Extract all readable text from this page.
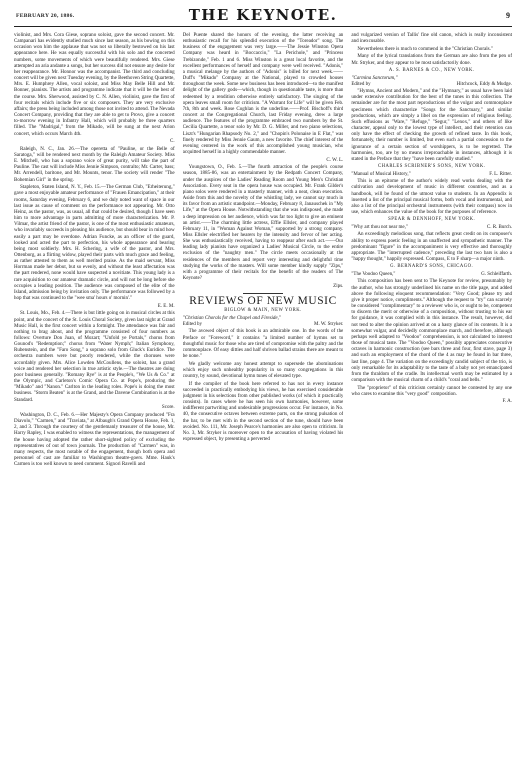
FEBRUARY 20, 1886.	THE KEYNOTE.	9

violinist, and Mrs. Cora Giese, soprano soloist, gave the second concert. Mr. Campanari has evidently studied much since last season, as his bowing on this occasion won him the applause that was not so liberally bestowed on his last appearance here. He was equally successful with his solo and the concerted numbers, some movements of which were beautifully rendered. Mrs. Giese attempted an aria andante a songs, but her success did not ensure any desire for her reappearance. Mr. Honnor was the accompanist. The third and concluding concert will be given next Tuesday evening, by the Beethoven String Quartette, Mrs. E. Humphrey Allen, vocal soloist, and Miss May Belle Hill and Mr. Bonner, pianists. The artists and programme indicate that it will be the best of the course. Mrs. Sherwood, assisted by C. N. Allen, violinist, gave the first of four recitals which include five or six composers. They are very exclusive affairs; the press being included among those not invited to attend. The Nevada Concert Company, providing that they are able to get to Provo, give a concert to-morrow evening in Infantry Hall, which will probably be three quarters filled. The "Madrigal," from the Mikado, will be sung at the next Arion concert, which occurs March 4th.

C.

Raleigh, N. C., Jan. 26.—The operetta of "Pauline, or the Belle of Saratoga," will be rendered next month by the Raleigh Amateur Society. Miss E. Mitchell, who has a soprano voice of great purity, will take the part of Pauline. The cast will include Miss Jennie Simpson, contralto; Mr. Carter, bass; Mr. Arrendell, baritone, and Mr. Mounts, tenor. The society will render "The Bohemian Girl" in the spring.

Stapleton, Staten Island, N. Y., Feb. 15.—The German Club, "Erheiterung," gave a most enjoyable amateur performance of "Frauen Emancipation," at their rooms, Saturday evening, February 6, and we duly noted want of space in our last issue as cause of comment on the performance not appearing. Mr. Otto Heinz, as the pastor, was, as usual, all that could be desired, though I have seen him to more advantage in parts admitting of more characterization. Mr. P. Vilmar, the artist friend of the pastor, is one of the most enthusiastic amateurs, who invariably succeeds in pleasing his audience, but should bear in mind how easily a part may be overdone. Adrian Funcke, as an officer of the guard, looked and acted the part to perfection, his whole appearance and bearing being most soldierly. Mrs. H. Schering, a wife of the pastor, and Mrs. Ottenborg, as a flirting widow, played their parts with much grace and feeling, as rather attested to them as well merited praise. As the maid servant, Miss Horrman made her debut, but so evenly, and without the least affectation was the part rendered, none would have suspected a novitiate. This young lady is a rare acquisition to our amateur dramatic circle, and will not be long before she occupies a leading position. The audience was composed of the elite of the Island, admission being by invitation only. The performance was followed by a hop that was continued to the "wee sma' hours o' mornin'."

E. E. M.

St. Louis, Mo., Feb. 4.—There is but little going on in musical circles at this point, and the concert of the St. Louis Choral Society, given last night at Grand Music Hall, is the first concert within a fortnight. The attendance was fair and nothing to brag about, and the programme consisted of four numbers as follows: Overture Don Juan, of Mozart; "Unfold ye Portals," chorus from Gounod's "Redemption;" chorus from "Water Nymph;" Italian Symphony, Rubenstein, and the "Faro Song," a soprano solo from Gluck's Euridice. The orchestra numbers were but poorly rendered, while the choruses were accordably given. Mrs. Alice Lowden McCoullens, the soloist, has a grand voice and rendered her selection in true artistic style.—The theatres are doing poor business generally. "Romany Rye" is at the People's, "We Us & Co." at the Olympic, and Carleton's Comic Opera Co. at Pope's, producing the "Mikado" and "Nanon." Carlton in the leading roles. Pope's is doing the most business. "Storm Beaten" is at the Grand, and the Davene Combination is at the Standard.

Score.

Washington, D. C., Feb. 6.—Her Majesty's Opera Company produced "Fra Diavolo," "Carmen," and "Traviata," at Albaugh's Grand Opera House, Feb. 1, 2, and 3. Through the courtesy of the gentlemanly treasurer of the house, Mr. Harry Rapley, I was enabled to witness the representations, the management of the house having adopted the rather short-sighted policy of excluding the representatives of out of town journals. The production of "Carmen" was, in many respects, the most notable of the engagement, though both opera and personnel of cast are familiar to Washington theatre-goers. Mme. Hauk's Carmen is too well known to need comment. Signori Ravelli and

Del Puente shared the honors of the evening, the latter receiving an enthusiastic recall for his splendid execution of the "Toreador" song. The business of the engagement was very large.——The Jessie Winston Opera Company was heard in "Boccaccio," "La Perichole," and "Princess Trebizonde," Feb. 1 and 6. Miss Winston is a great local favorite, and the excellent performances of herself and company were well received. "Adonis," a musical melange by the authors of "Adonis" is billed for next week.——Duff's "Mikado" Company at the National, played to crowded houses throughout the week. Some new business has been introduced—to the manifest delight of the gallery gods—which, though in questionable taste, is more than redeemed by a rendition otherwise entirely satisfactory. The singing of the opera leaves small room for criticism. "A Warrant for Life" will be given Feb. 7th, 8th and week. Rose Coghlan is the underline.——Prof. Bischoff's third concert at the Congregational Church, last Friday evening, drew a large audience. The features of the programme embraced two numbers by the St. Cecilia Quartette, a tenor solo by Mr. D. G. Miller, and two piano selections, Liszt's "Hungarian Rhapsody No. 2," and "Chopin's Polonaise in E Flat," was finely rendered by Miss Jennie Gaum, a new favorite. The chief interest of the evening centered in the work of this accomplished young musician, who acquitted herself in a highly commendable manner.

C. W. L.

Youngstown, O., Feb. 5.—The fourth attraction of the people's course season, 1885-86, was an entertainment by the Redpath Concert Company, under the auspices of the Ladies' Reading Room and Young Men's Christian Association. Every seat in the opera house was occupied. Mr. Frank Gilder's piano solos were rendered in a masterly manner, with a neat, clean execution. Aside from this and the novelty of the whistling lady, we cannot say much in its favor from an artistic standpoint.—Monday, February 8, Janauschek in "My Life," at the Opera House. Notwithstanding that she was indisposed, she made a deep impression on her audience, which was far too light to give an eminent an artist.——The charming little actress, Effie Ellsler, and company played February 11, in "Woman Against Woman," supported by a strong company. Miss Ellsler electrified her hearers by the intensity and fervor of her acting. She was enthusiastically received, having to reappear after each act.——Our leading lady pianists have organized a Ladies' Musical Circle, to the entire exclusion of the "naughty men." The circle meets occasionally at the residences of the members and report very interesting and delightful time studying the works of the masters. Will some member kindly supply "Zips," with a programme of their recitals for the benefit of the readers of The Keynote?

Zips.
REVIEWS OF NEW MUSIC
BIGLOW & MAIN, NEW YORK.
"Christian Chorals for the Chapel and Fireside,"
Edited by	M. W. Stryker.

The avowed object of this book is an admirable one. In the words of the Preface or "Foreword," it contains "a limited number of hymns set to thoughtful music for those who are tired of compromise with the paltry and the commonplace. Of easy ditties and half shriven ballad strains there are meant to be none."

We gladly welcome any honest attempt to supersede the abominations which enjoy such unhealthy popularity in so many congregations in this country, by sound, devotional hymn tunes of elevated type.

If the compiler of the book here referred to has not in every instance succeeded in practically embodying his views, he has exercised considerable judgment in his selections from other published works (of which it practically consists). In cases where he has seen his own harmonies, however, some indifferent partwriting and undesirable progressions occur. For instance, in No. 40, the consecutive octaves between extreme parts, on the strong pulsation of the bar, to be met with in the second section of the tune, should have been avoided. No. 111, Mr. Joseph Pearce's harmonies are also open to criticism. In No. 3, Mr. Stryker is moreover open to the accusation of having violated his expressed object, by presenting a perverted

and vulgarized version of Tallis' fine old canon, which is really inconsistent and inexcusable.

Nevertheless there is much to commend in the "Christian Chorals."

Many of the lyrical translations from the German are also from the pen of Mr. Stryker, and they appear to be most satisfactorily done.

A. S. BARNES & CO., NEW YORK.
"Carmina Sanctorum,"
Edited by	Hitchcock, Eddy & Mudge.

"Hymns, Ancient and Modern," and the "Hymnary," as usual have been laid under extensive contribution for the best of the tunes in this collection. The remainder are for the most part reproductions of the vulgar and commonplace specimens which characterize "Songs for the Sanctuary," and similar productions, which are simply a libel on the expression of religious feeling. Such effusions as "Ware," "Refuge," "Segur," "Lenox," and others of like character, appeal only to the lowest type of intellect, and their retention can only have the effect of checking the growth of refined taste. In this book, fortunately, their number is limited, but even such a partial concession to the ignorance of a certain section of worshippers, is to be regretted. The harmonies, too, are by no means irreproachable in instances, although it is stated in the Preface that they "have been carefully studied."

CHARLES SCRIBNER'S SONS, NEW YORK.
"Manual of Musical History,"	F. L. Ritter.

This is an epitome of the author's widely read works dealing with the cultivation and development of music in different countries, and as a handbook, will be found of the utmost value to students. In an Appendix is inserted a list of the principal musical forms, both vocal and instrumental, and also a list of the principal orchestral instruments (with their compass) now in use, which enhances the value of the book for the purposes of reference.

SPEAR & DENNHOFF, NEW YORK.
"Why art thou not near me,"	C. R. Burch.

An exceedingly melodious song, that reflects great credit on its composer's ability to express poetic feeling in an unaffected and sympathetic manner. The predominant "figure" in the accompaniment is very effective and thoroughly appropriate. The "interrupted cadence," preceding the last two bars is also a "happy thought," happily expressed. Compass, E to F sharp—a major ninth.

G. BERNARD'S SONS, CHICAGO.
"The Voodoo Queen,"	G. Schleiffarth.

This composition has been sent to The Keynote for review, presumably by the author, who has strongly underlined his name on the title page, and added above the following eloquent recommendation: "Very Good; please try and give it proper notice, compliments." Although the request to "try" can scarcely be considered "complimentary" to a reviewer who is, or ought to be, competent to discern the merit or otherwise of a composition, without trusting to his ear for guidance, it was complied with in this instance. The result, however, did not tend to alter the opinion arrived at on a hasty glance of its contents. It is a somewhat vulgar, and decidedly commonplace march, and therefore, although perhaps well adapted to "Voodoo" comprehension, is not calculated to interest those of musical taste. The "Voodoo Queen," possibly appreciates consecutive octaves in harmonic construction (see bars three and four, first stave, page 3) and such an employment of the chord of the 4 as may be found in bar three, last line, page 4. The variation on the exceedingly candid subject of the trio, is only remarkable for its adaptability to the taste of a baby not yet emancipated from the thraldom of the cradle. Its intellectual worth may be estimated by a comparison with the musical charm of a child's "coral and bells."

The "proprietor" of this criticism certainly cannot be contested by any one who cares to examine this "very good" composition.

F. A.
